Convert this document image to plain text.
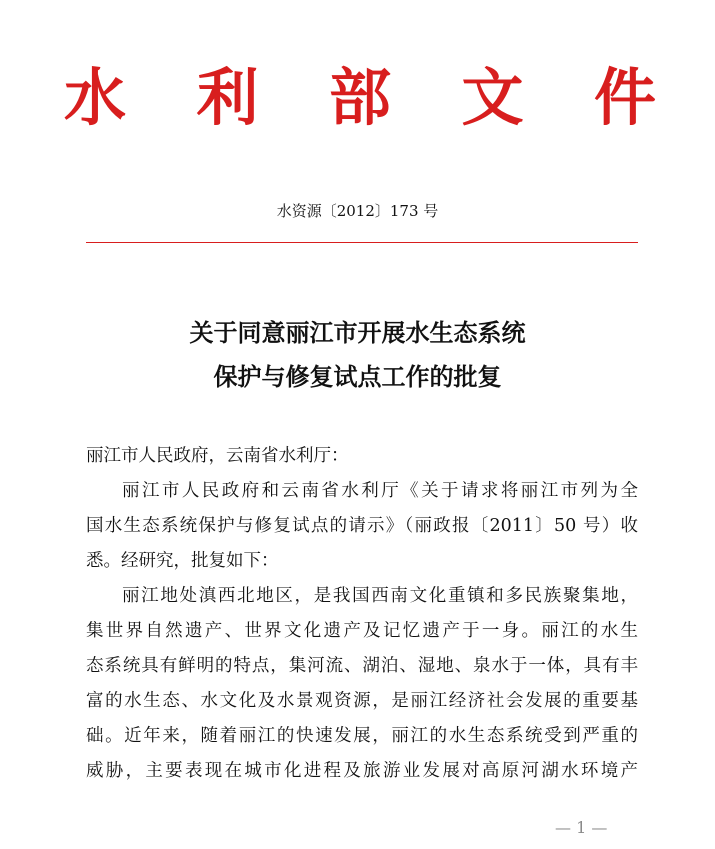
水 利 部 文 件
水资源〔2012〕173 号
关于同意丽江市开展水生态系统
保护与修复试点工作的批复
丽江市人民政府，云南省水利厅：
丽江市人民政府和云南省水利厅《关于请求将丽江市列为全
国水生态系统保护与修复试点的请示》（丽政报〔2011〕50 号）收
悉。经研究，批复如下：
丽江地处滇西北地区，是我国西南文化重镇和多民族聚集地，
集世界自然遗产、世界文化遗产及记忆遗产于一身。丽江的水生
态系统具有鲜明的特点，集河流、湖泊、湿地、泉水于一体，具有丰
富的水生态、水文化及水景观资源，是丽江经济社会发展的重要基
础。近年来，随着丽江的快速发展，丽江的水生态系统受到严重的
威胁，主要表现在城市化进程及旅游业发展对高原河湖水环境产
— 1 —
